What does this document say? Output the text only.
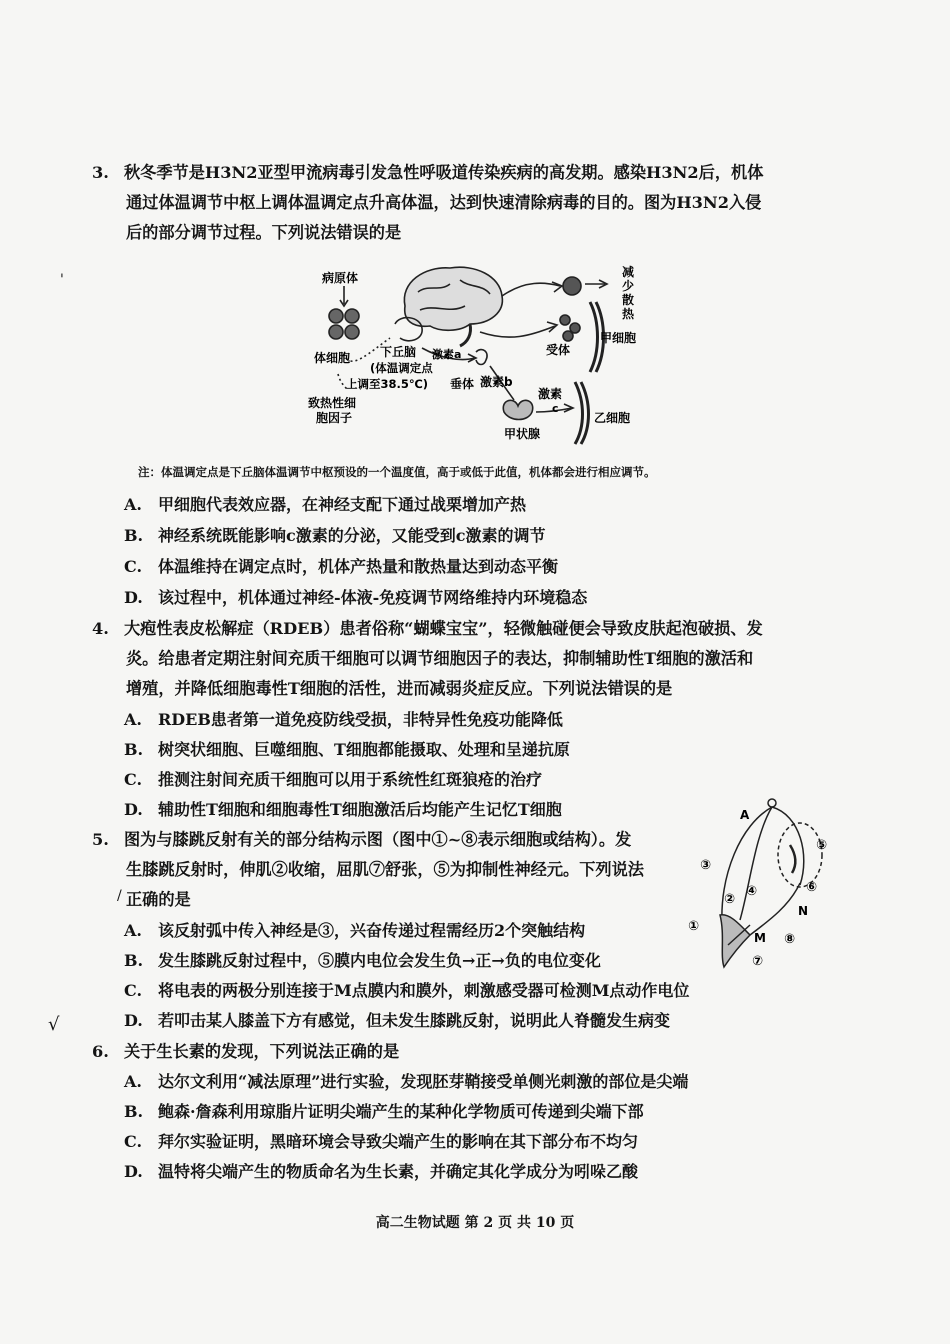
3. 秋冬季节是H3N2亚型甲流病毒引发急性呼吸道传染疾病的高发期。感染H3N2后，机体
通过体温调节中枢上调体温调定点升高体温，达到快速清除病毒的目的。图为H3N2入侵
后的部分调节过程。下列说法错误的是
病原体
体细胞
致热性细
胞因子
下丘脑
(体温调定点
上调至38.5℃)
激素a
垂体 激素b
激素
c
甲状腺
受体
甲细胞
乙细胞
减
少
散
热
注：体温调定点是下丘脑体温调节中枢预设的一个温度值，高于或低于此值，机体都会进行相应调节。
A. 甲细胞代表效应器，在神经支配下通过战栗增加产热
B. 神经系统既能影响c激素的分泌，又能受到c激素的调节
C. 体温维持在调定点时，机体产热量和散热量达到动态平衡
D. 该过程中，机体通过神经-体液-免疫调节网络维持内环境稳态
4. 大疱性表皮松解症（RDEB）患者俗称“蝴蝶宝宝”，轻微触碰便会导致皮肤起泡破损、发
炎。给患者定期注射间充质干细胞可以调节细胞因子的表达，抑制辅助性T细胞的激活和
增殖，并降低细胞毒性T细胞的活性，进而减弱炎症反应。下列说法错误的是
A. RDEB患者第一道免疫防线受损，非特异性免疫功能降低
B. 树突状细胞、巨噬细胞、T细胞都能摄取、处理和呈递抗原
C. 推测注射间充质干细胞可以用于系统性红斑狼疮的治疗
D. 辅助性T细胞和细胞毒性T细胞激活后均能产生记忆T细胞
5. 图为与膝跳反射有关的部分结构示图（图中①~⑧表示细胞或结构）。发
生膝跳反射时，伸肌②收缩，屈肌⑦舒张，⑤为抑制性神经元。下列说法
正确的是
A
N
M
①
②
③
④
⑤
⑥
⑦
⑧
A. 该反射弧中传入神经是③，兴奋传递过程需经历2个突触结构
B. 发生膝跳反射过程中，⑤膜内电位会发生负→正→负的电位变化
C. 将电表的两极分别连接于M点膜内和膜外，刺激感受器可检测M点动作电位
D. 若叩击某人膝盖下方有感觉，但未发生膝跳反射，说明此人脊髓发生病变
6. 关于生长素的发现，下列说法正确的是
A. 达尔文利用“减法原理”进行实验，发现胚芽鞘接受单侧光刺激的部位是尖端
B. 鲍森·詹森利用琼脂片证明尖端产生的某种化学物质可传递到尖端下部
C. 拜尔实验证明，黑暗环境会导致尖端产生的影响在其下部分布不均匀
D. 温特将尖端产生的物质命名为生长素，并确定其化学成分为吲哚乙酸
√
'
/
高二生物试题 第 2 页 共 10 页
